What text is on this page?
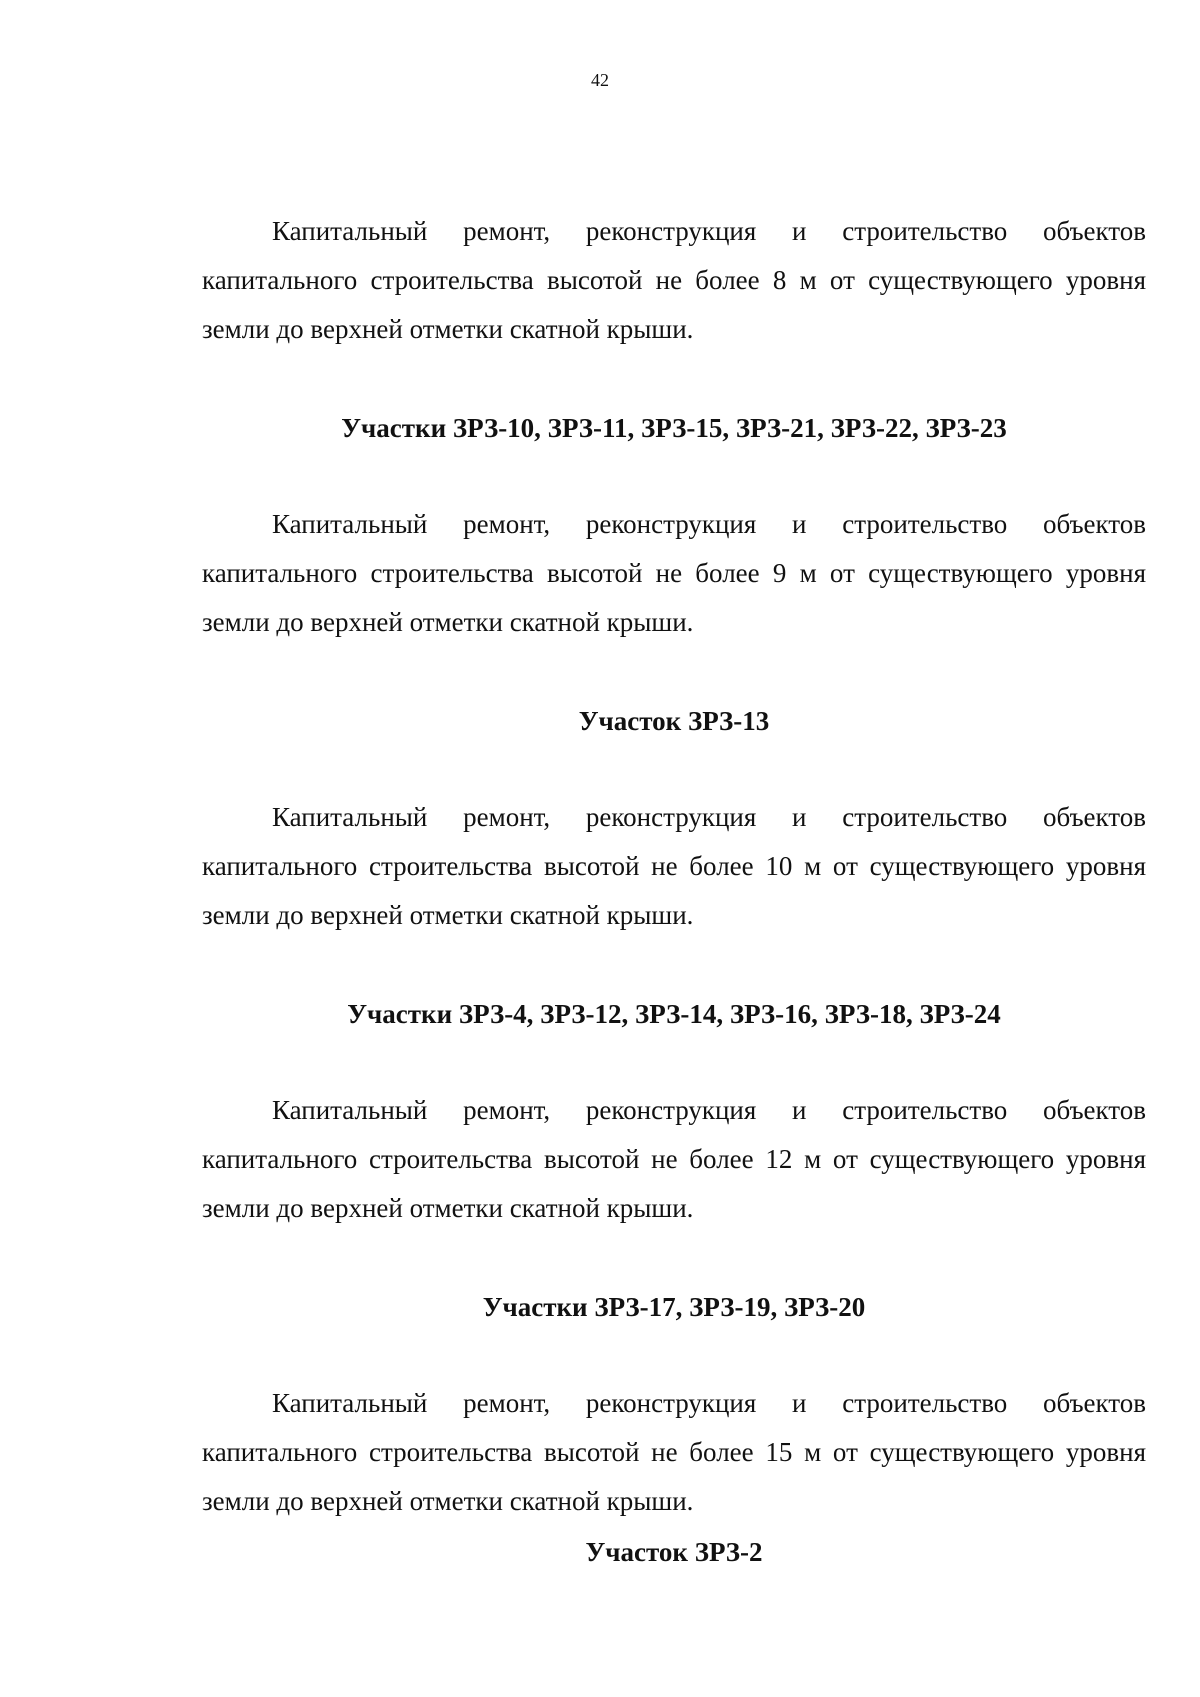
42

Капитальный ремонт, реконструкция и строительство объектов
капитального строительства высотой не более 8 м от существующего уровня
земли до верхней отметки скатной крыши.
Участки ЗРЗ-10, ЗРЗ-11, ЗРЗ-15, ЗРЗ-21, ЗРЗ-22, ЗРЗ-23
Капитальный ремонт, реконструкция и строительство объектов
капитального строительства высотой не более 9 м от существующего уровня
земли до верхней отметки скатной крыши.
Участок ЗРЗ-13
Капитальный ремонт, реконструкция и строительство объектов
капитального строительства высотой не более 10 м от существующего уровня
земли до верхней отметки скатной крыши.
Участки ЗРЗ-4, ЗРЗ-12, ЗРЗ-14, ЗРЗ-16, ЗРЗ-18, ЗРЗ-24
Капитальный ремонт, реконструкция и строительство объектов
капитального строительства высотой не более 12 м от существующего уровня
земли до верхней отметки скатной крыши.
Участки ЗРЗ-17, ЗРЗ-19, ЗРЗ-20
Капитальный ремонт, реконструкция и строительство объектов
капитального строительства высотой не более 15 м от существующего уровня
земли до верхней отметки скатной крыши.
Участок ЗРЗ-2
